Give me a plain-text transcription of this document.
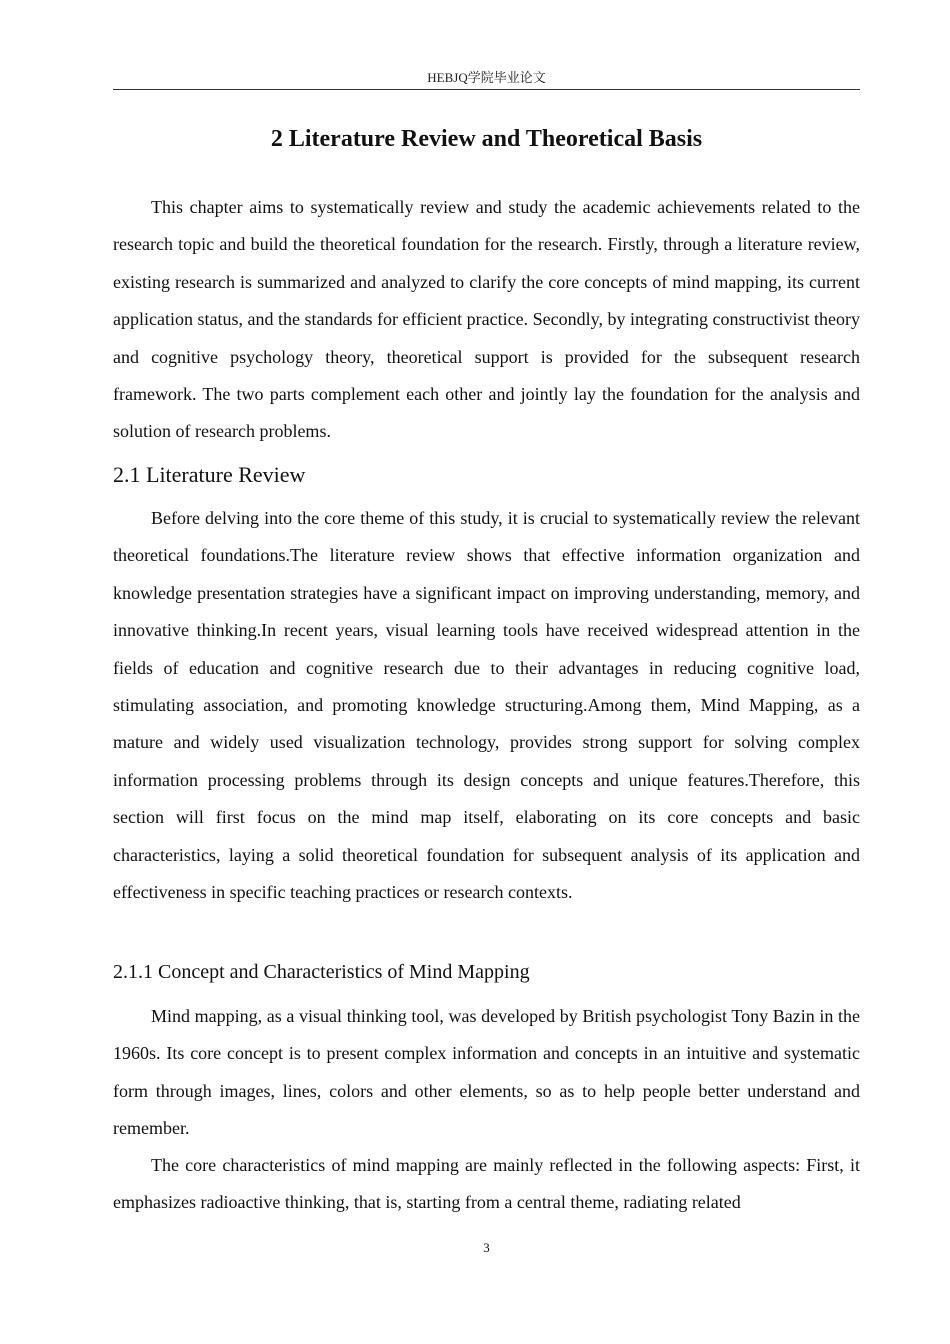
HEBJQ学院毕业论文
2 Literature Review and Theoretical Basis

This chapter aims to systematically review and study the academic achievements related to the research topic and build the theoretical foundation for the research. Firstly, through a literature review, existing research is summarized and analyzed to clarify the core concepts of mind mapping, its current application status, and the standards for efficient practice. Secondly, by integrating constructivist theory and cognitive psychology theory, theoretical support is provided for the subsequent research framework. The two parts complement each other and jointly lay the foundation for the analysis and solution of research problems.

2.1 Literature Review

Before delving into the core theme of this study, it is crucial to systematically review the relevant theoretical foundations.The literature review shows that effective information organization and knowledge presentation strategies have a significant impact on improving understanding, memory, and innovative thinking.In recent years, visual learning tools have received widespread attention in the fields of education and cognitive research due to their advantages in reducing cognitive load, stimulating association, and promoting knowledge structuring.Among them, Mind Mapping, as a mature and widely used visualization technology, provides strong support for solving complex information processing problems through its design concepts and unique features.Therefore, this section will first focus on the mind map itself, elaborating on its core concepts and basic characteristics, laying a solid theoretical foundation for subsequent analysis of its application and effectiveness in specific teaching practices or research contexts.

2.1.1 Concept and Characteristics of Mind Mapping

Mind mapping, as a visual thinking tool, was developed by British psychologist Tony Bazin in the 1960s. Its core concept is to present complex information and concepts in an intuitive and systematic form through images, lines, colors and other elements, so as to help people better understand and remember.

The core characteristics of mind mapping are mainly reflected in the following aspects: First, it emphasizes radioactive thinking, that is, starting from a central theme, radiating related

3
